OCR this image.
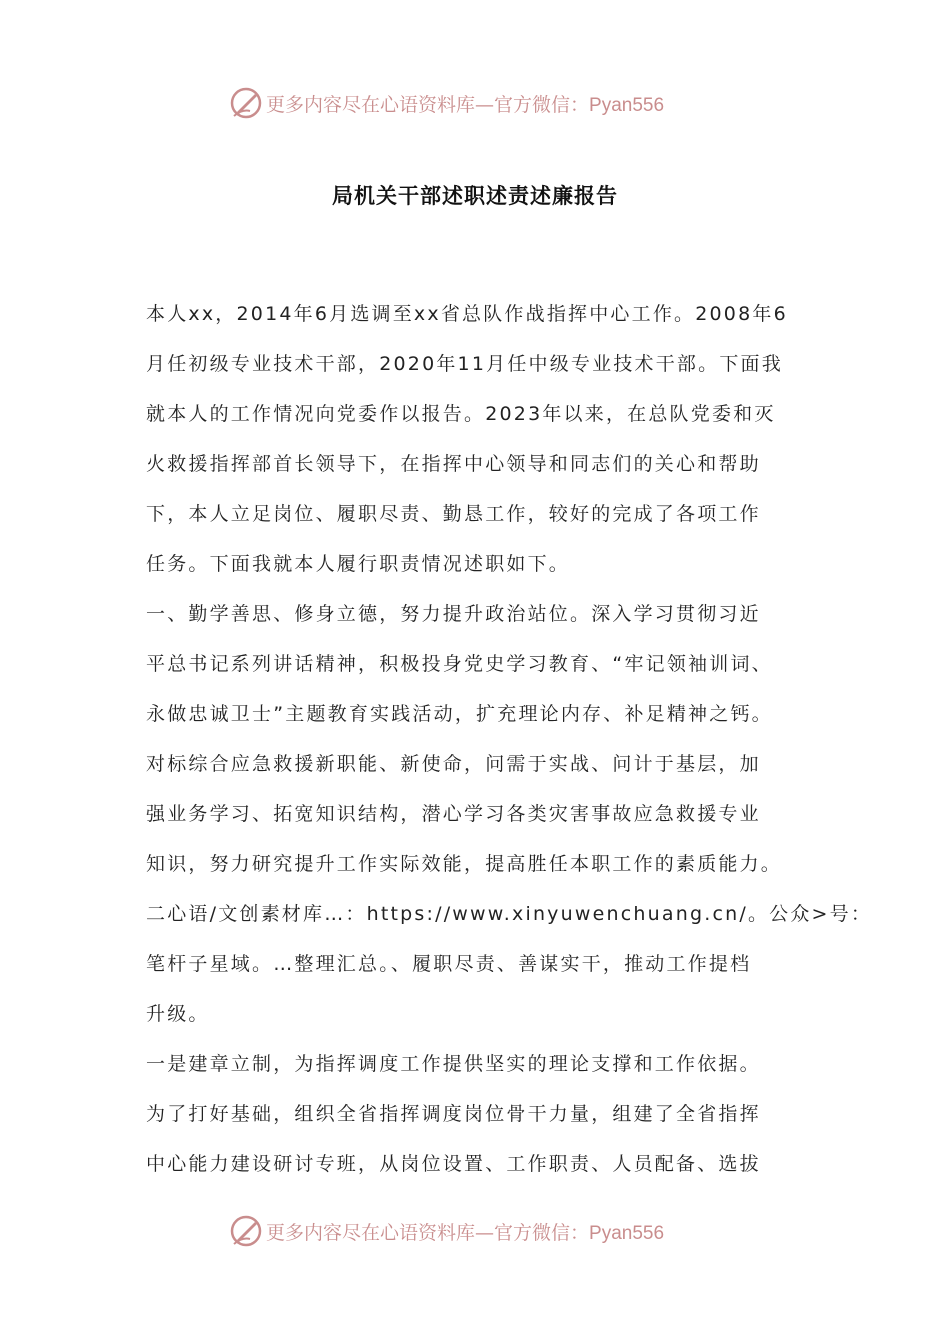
更多内容尽在心语资料库—官方微信：Pyan556
局机关干部述职述责述廉报告
本人xx，2014年6月选调至xx省总队作战指挥中心工作。2008年6
月任初级专业技术干部，2020年11月任中级专业技术干部。下面我
就本人的工作情况向党委作以报告。2023年以来，在总队党委和灭
火救援指挥部首长领导下，在指挥中心领导和同志们的关心和帮助
下，本人立足岗位、履职尽责、勤恳工作，较好的完成了各项工作
任务。下面我就本人履行职责情况述职如下。
一、勤学善思、修身立德，努力提升政治站位。深入学习贯彻习近
平总书记系列讲话精神，积极投身党史学习教育、“牢记领袖训词、
永做忠诚卫士”主题教育实践活动，扩充理论内存、补足精神之钙。
对标综合应急救援新职能、新使命，问需于实战、问计于基层，加
强业务学习、拓宽知识结构，潜心学习各类灾害事故应急救援专业
知识，努力研究提升工作实际效能，提高胜任本职工作的素质能力。
二心语/文创素材库…：https://www.xinyuwenchuang.cn/。公众>号：
笔杆子星域。…整理汇总。、履职尽责、善谋实干，推动工作提档
升级。
一是建章立制，为指挥调度工作提供坚实的理论支撑和工作依据。
为了打好基础，组织全省指挥调度岗位骨干力量，组建了全省指挥
中心能力建设研讨专班，从岗位设置、工作职责、人员配备、选拔
更多内容尽在心语资料库—官方微信：Pyan556
